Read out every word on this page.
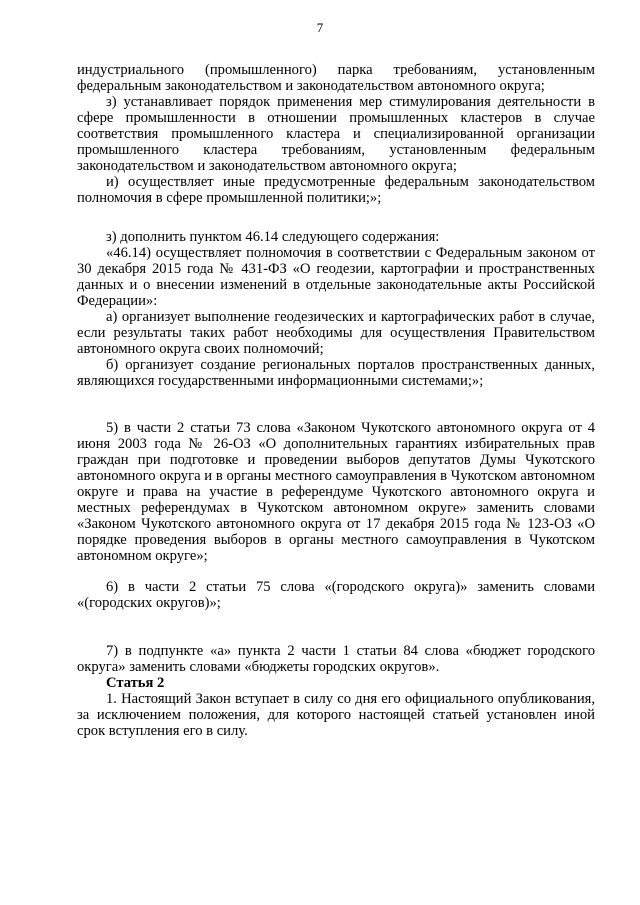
7

индустриального (промышленного) парка требованиям, установленным федеральным законодательством и законодательством автономного округа;

з) устанавливает порядок применения мер стимулирования деятельности в сфере промышленности в отношении промышленных кластеров в случае соответствия промышленного кластера и специализированной организации промышленного кластера требованиям, установленным федеральным законодательством и законодательством автономного округа;

и) осуществляет иные предусмотренные федеральным законодательством полномочия в сфере промышленной политики;»;

з) дополнить пунктом 46.14 следующего содержания:

«46.14) осуществляет полномочия в соответствии с Федеральным законом от 30 декабря 2015 года № 431-ФЗ «О геодезии, картографии и пространственных данных и о внесении изменений в отдельные законодательные акты Российской Федерации»:

а) организует выполнение геодезических и картографических работ в случае, если результаты таких работ необходимы для осуществления Правительством автономного округа своих полномочий;

б) организует создание региональных порталов пространственных данных, являющихся государственными информационными системами;»;

5) в части 2 статьи 73 слова «Законом Чукотского автономного округа от 4 июня 2003 года № 26-ОЗ «О дополнительных гарантиях избирательных прав граждан при подготовке и проведении выборов депутатов Думы Чукотского автономного округа и в органы местного самоуправления в Чукотском автономном округе и права на участие в референдуме Чукотского автономного округа и местных референдумах в Чукотском автономном округе» заменить словами «Законом Чукотского автономного округа от 17 декабря 2015 года № 123-ОЗ «О порядке проведения выборов в органы местного самоуправления в Чукотском автономном округе»;

6) в части 2 статьи 75 слова «(городского округа)» заменить словами «(городских округов)»;

7) в подпункте «а» пункта 2 части 1 статьи 84 слова «бюджет городского округа» заменить словами «бюджеты городских округов».

Статья 2

1. Настоящий Закон вступает в силу со дня его официального опубликования, за исключением положения, для которого настоящей статьей установлен иной срок вступления его в силу.
